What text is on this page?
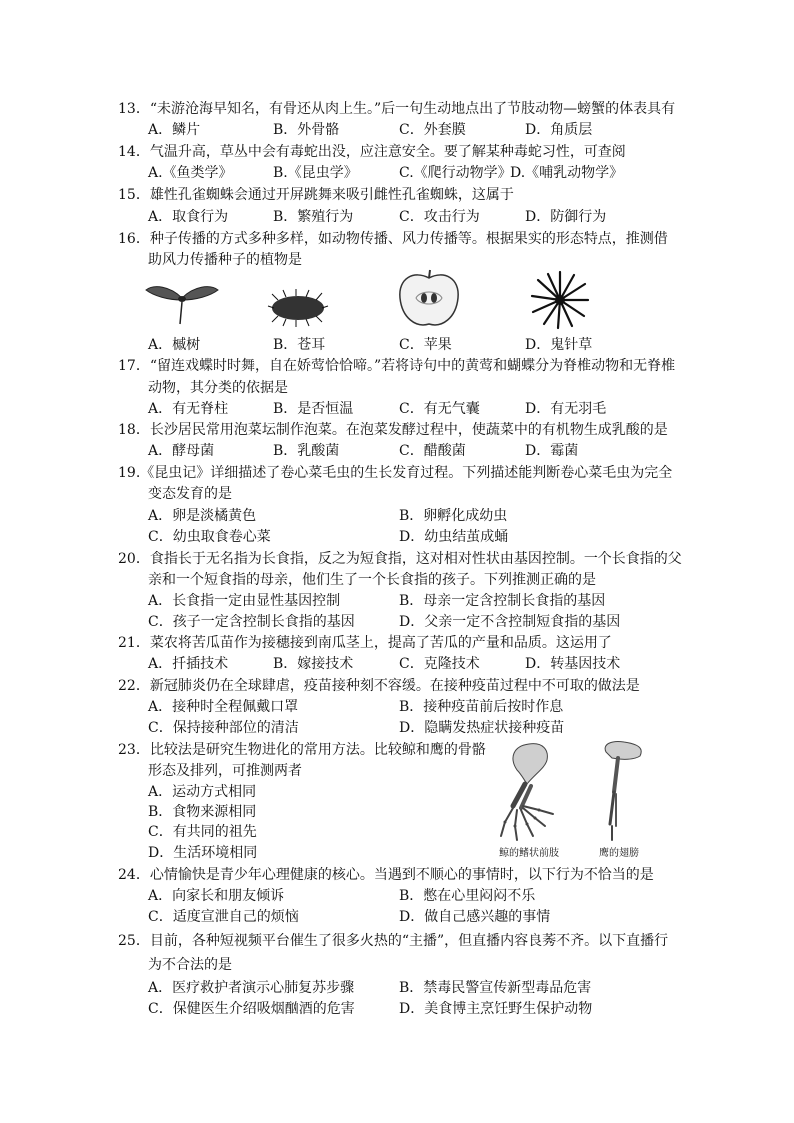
13．“未游沧海早知名，有骨还从肉上生。”后一句生动地点出了节肢动物—螃蟹的体表具有
A．鳞片	B．外骨骼	C．外套膜	D．角质层
14．气温升高，草丛中会有毒蛇出没，应注意安全。要了解某种毒蛇习性，可查阅
A.《鱼类学》	B.《昆虫学》	C.《爬行动物学》
D.《哺乳动物学》
15．雄性孔雀蜘蛛会通过开屏跳舞来吸引雌性孔雀蜘蛛，这属于
A．取食行为	B．繁殖行为	C．攻击行为	D．防御行为
16．种子传播的方式多种多样，如动物传播、风力传播等。根据果实的形态特点，推测借
助风力传播种子的植物是
A．槭树	B．苍耳	C．苹果	D．鬼针草
17．“留连戏蝶时时舞，自在娇莺恰恰啼。”若将诗句中的黄莺和蝴蝶分为脊椎动物和无脊椎
动物，其分类的依据是
A．有无脊柱	B．是否恒温	C．有无气囊	D．有无羽毛
18．长沙居民常用泡菜坛制作泡菜。在泡菜发酵过程中，使蔬菜中的有机物生成乳酸的是
A．酵母菌	B．乳酸菌	C．醋酸菌	D．霉菌
19.《昆虫记》详细描述了卷心菜毛虫的生长发育过程。下列描述能判断卷心菜毛虫为完全
变态发育的是
A．卵是淡橘黄色	B．卵孵化成幼虫
C．幼虫取食卷心菜	D．幼虫结茧成蛹
20．食指长于无名指为长食指，反之为短食指，这对相对性状由基因控制。一个长食指的父
亲和一个短食指的母亲，他们生了一个长食指的孩子。下列推测正确的是
A．长食指一定由显性基因控制	B．母亲一定含控制长食指的基因
C．孩子一定含控制长食指的基因	D．父亲一定不含控制短食指的基因
21．菜农将苦瓜苗作为接穗接到南瓜茎上，提高了苦瓜的产量和品质。这运用了
A．扦插技术	B．嫁接技术	C．克隆技术	D．转基因技术
22．新冠肺炎仍在全球肆虐，疫苗接种刻不容缓。在接种疫苗过程中不可取的做法是
A．接种时全程佩戴口罩	B．接种疫苗前后按时作息
C．保持接种部位的清洁	D．隐瞒发热症状接种疫苗
23．比较法是研究生物进化的常用方法。比较鲸和鹰的骨骼
形态及排列，可推测两者
A．运动方式相同
B．食物来源相同
C．有共同的祖先
D．生活环境相同	鲸的鳍状前肢	鹰的翅膀
24．心情愉快是青少年心理健康的核心。当遇到不顺心的事情时，以下行为不恰当的是
A．向家长和朋友倾诉	B．憋在心里闷闷不乐
C．适度宣泄自己的烦恼	D．做自己感兴趣的事情
25．目前，各种短视频平台催生了很多火热的“主播”，但直播内容良莠不齐。以下直播行
为不合法的是
A．医疗救护者演示心肺复苏步骤	B．禁毒民警宣传新型毒品危害
C．保健医生介绍吸烟酗酒的危害	D．美食博主烹饪野生保护动物
